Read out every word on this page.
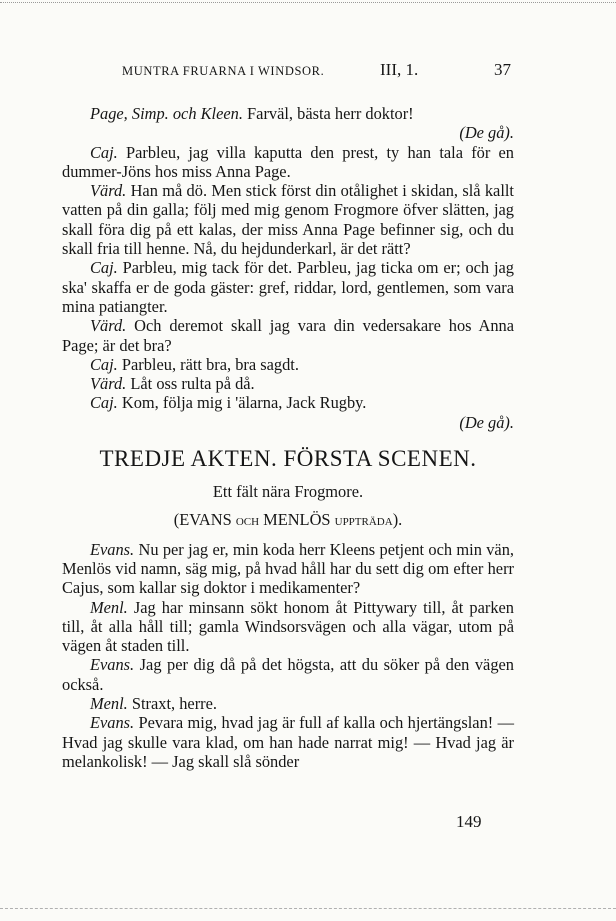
MUNTRA FRUARNA I WINDSOR.	III, 1.	37

Page, Simp. och Kleen. Farväl, bästa herr doktor!

(De gå).

Caj. Parbleu, jag villa kaputta den prest, ty han tala för en dummer-Jöns hos miss Anna Page.

Värd. Han må dö. Men stick först din otålighet i skidan, slå kallt vatten på din galla; följ med mig genom Frogmore öfver slätten, jag skall föra dig på ett kalas, der miss Anna Page befinner sig, och du skall fria till henne. Nå, du hejdunderkarl, är det rätt?

Caj. Parbleu, mig tack för det. Parbleu, jag ticka om er; och jag ska' skaffa er de goda gäster: gref, riddar, lord, gentlemen, som vara mina patiangter.

Värd. Och deremot skall jag vara din vedersakare hos Anna Page; är det bra?

Caj. Parbleu, rätt bra, bra sagdt.

Värd. Låt oss rulta på då.

Caj. Kom, följa mig i 'älarna, Jack Rugby.

(De gå).

TREDJE AKTEN. FÖRSTA SCENEN.

Ett fält nära Frogmore.

(EVANS och MENLÖS uppträda).

Evans. Nu per jag er, min koda herr Kleens petjent och min vän, Menlös vid namn, säg mig, på hvad håll har du sett dig om efter herr Cajus, som kallar sig doktor i medikamenter?

Menl. Jag har minsann sökt honom åt Pittywary till, åt parken till, åt alla håll till; gamla Windsorsvägen och alla vägar, utom på vägen åt staden till.

Evans. Jag per dig då på det högsta, att du söker på den vägen också.

Menl. Straxt, herre.

Evans. Pevara mig, hvad jag är full af kalla och hjertängslan! — Hvad jag skulle vara klad, om han hade narrat mig! — Hvad jag är melankolisk! — Jag skall slå sönder

149
